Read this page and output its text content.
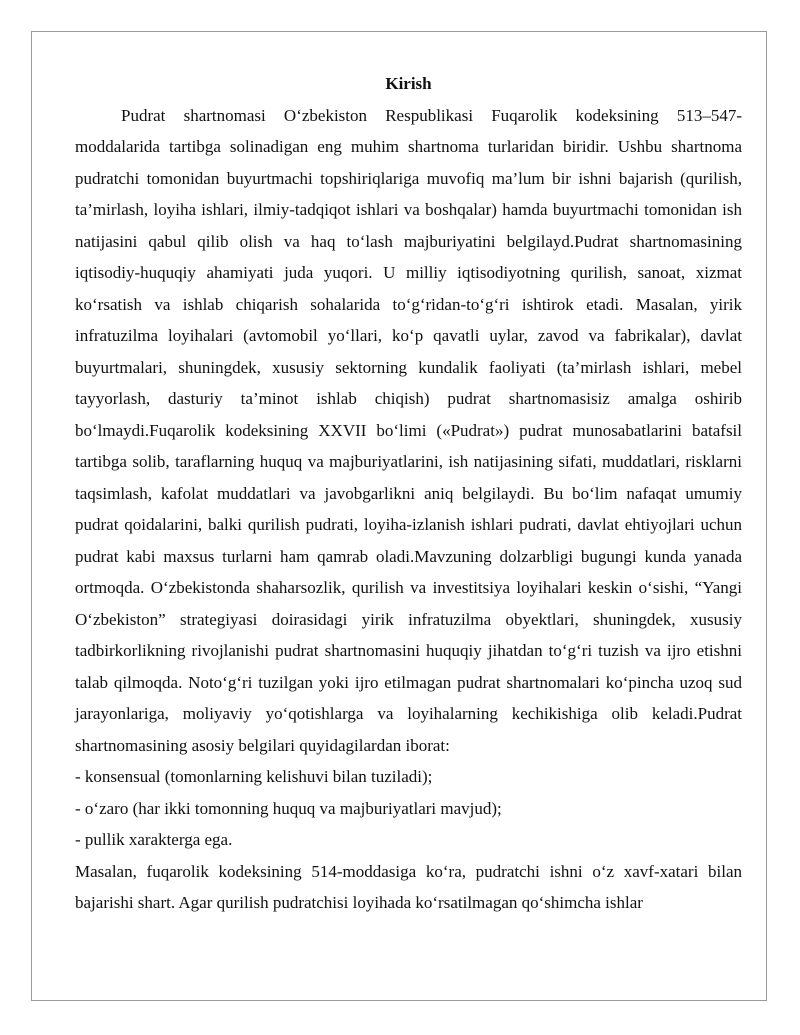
Kirish

Pudrat shartnomasi O‘zbekiston Respublikasi Fuqarolik kodeksining 513–547-moddalarida tartibga solinadigan eng muhim shartnoma turlaridan biridir. Ushbu shartnoma pudratchi tomonidan buyurtmachi topshiriqlariga muvofiq ma’lum bir ishni bajarish (qurilish, ta’mirlash, loyiha ishlari, ilmiy-tadqiqot ishlari va boshqalar) hamda buyurtmachi tomonidan ish natijasini qabul qilib olish va haq to‘lash majburiyatini belgilayd.Pudrat shartnomasining iqtisodiy-huquqiy ahamiyati juda yuqori. U milliy iqtisodiyotning qurilish, sanoat, xizmat ko‘rsatish va ishlab chiqarish sohalarida to‘g‘ridan-to‘g‘ri ishtirok etadi. Masalan, yirik infratuzilma loyihalari (avtomobil yo‘llari, ko‘p qavatli uylar, zavod va fabrikalar), davlat buyurtmalari, shuningdek, xususiy sektorning kundalik faoliyati (ta’mirlash ishlari, mebel tayyorlash, dasturiy ta’minot ishlab chiqish) pudrat shartnomasisiz amalga oshirib bo‘lmaydi.Fuqarolik kodeksining XXVII bo‘limi («Pudrat») pudrat munosabatlarini batafsil tartibga solib, taraflarning huquq va majburiyatlarini, ish natijasining sifati, muddatlari, risklarni taqsimlash, kafolat muddatlari va javobgarlikni aniq belgilaydi. Bu bo‘lim nafaqat umumiy pudrat qoidalarini, balki qurilish pudrati, loyiha-izlanish ishlari pudrati, davlat ehtiyojlari uchun pudrat kabi maxsus turlarni ham qamrab oladi.Mavzuning dolzarbligi bugungi kunda yanada ortmoqda. O‘zbekistonda shaharsozlik, qurilish va investitsiya loyihalari keskin o‘sishi, “Yangi O‘zbekiston” strategiyasi doirasidagi yirik infratuzilma obyektlari, shuningdek, xususiy tadbirkorlikning rivojlanishi pudrat shartnomasini huquqiy jihatdan to‘g‘ri tuzish va ijro etishni talab qilmoqda. Noto‘g‘ri tuzilgan yoki ijro etilmagan pudrat shartnomalari ko‘pincha uzoq sud jarayonlariga, moliyaviy yo‘qotishlarga va loyihalarning kechikishiga olib keladi.Pudrat shartnomasining asosiy belgilari quyidagilardan iborat:

- konsensual (tomonlarning kelishuvi bilan tuziladi);

- o‘zaro (har ikki tomonning huquq va majburiyatlari mavjud);

- pullik xarakterga ega.

Masalan, fuqarolik kodeksining 514-moddasiga ko‘ra, pudratchi ishni o‘z xavf-xatari bilan bajarishi shart. Agar qurilish pudratchisi loyihada ko‘rsatilmagan qo‘shimcha ishlar
